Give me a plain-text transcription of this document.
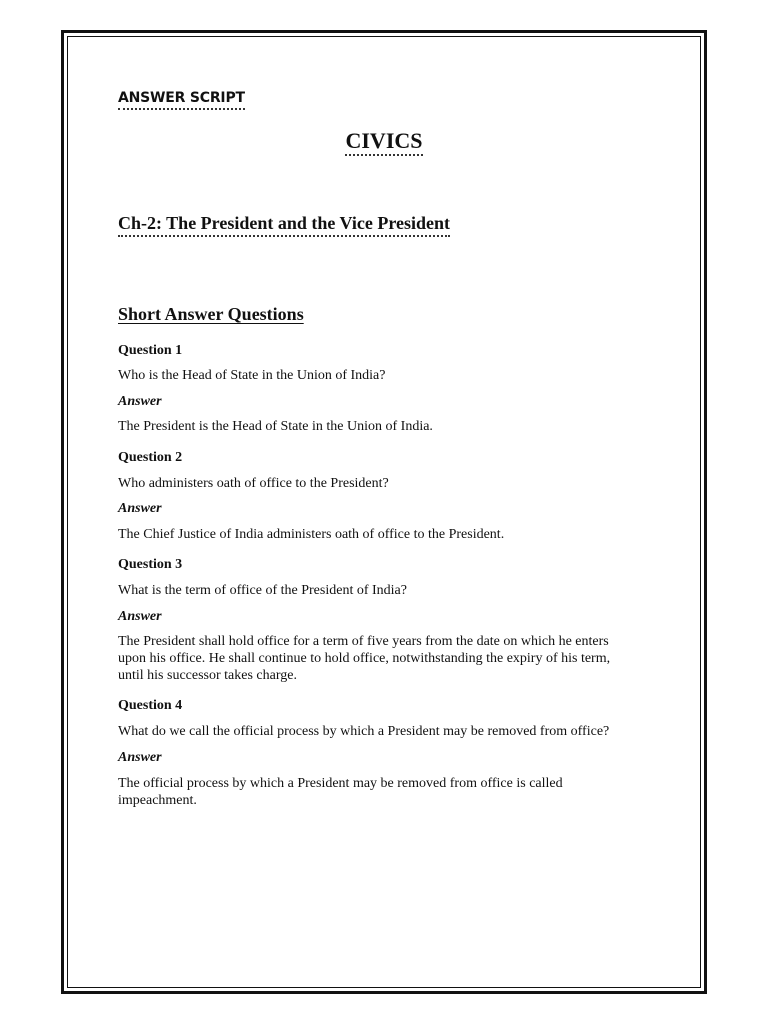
ANSWER SCRIPT
CIVICS
Ch-2: The President and the Vice President
Short Answer Questions
Question 1
Who is the Head of State in the Union of India?
Answer
The President is the Head of State in the Union of India.
Question 2
Who administers oath of office to the President?
Answer
The Chief Justice of India administers oath of office to the President.
Question 3
What is the term of office of the President of India?
Answer
The President shall hold office for a term of five years from the date on which he enters upon his office. He shall continue to hold office, notwithstanding the expiry of his term, until his successor takes charge.
Question 4
What do we call the official process by which a President may be removed from office?
Answer
The official process by which a President may be removed from office is called impeachment.
